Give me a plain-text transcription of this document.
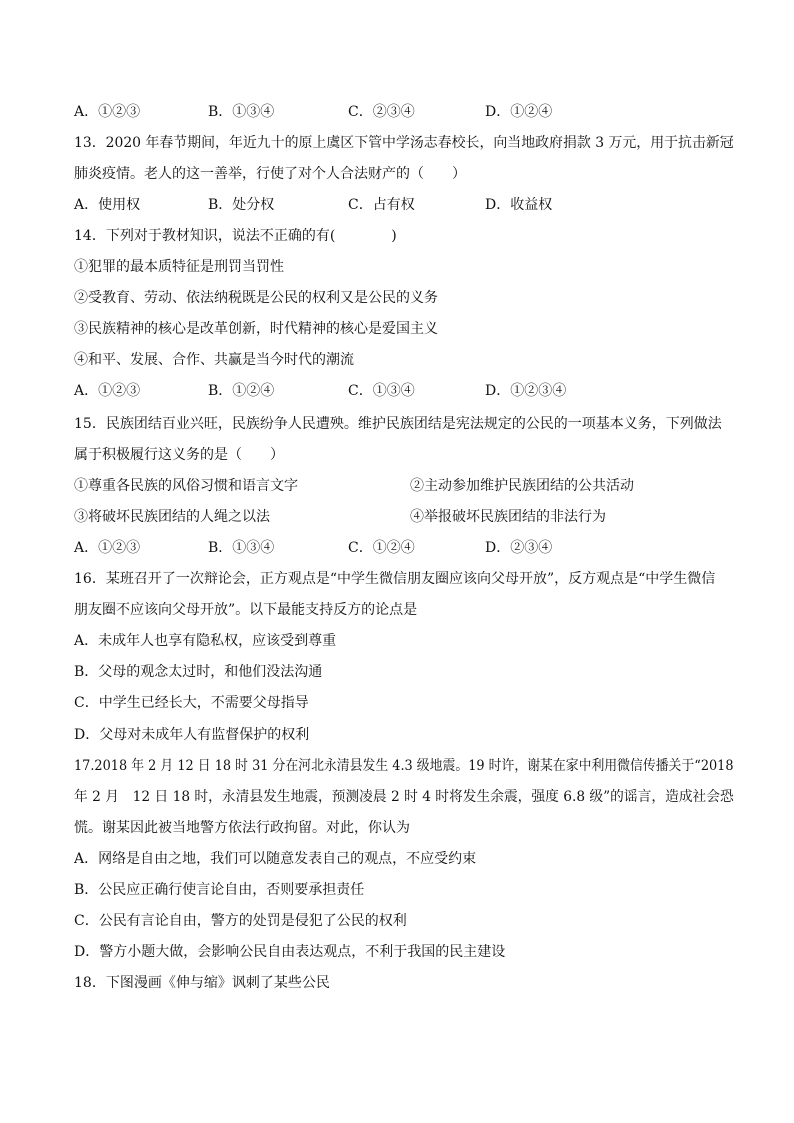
A．①②③	B．①③④	C．②③④	D．①②④
13．2020 年春节期间，年近九十的原上虞区下管中学汤志春校长，向当地政府捐款 3 万元，用于抗击新冠
肺炎疫情。老人的这一善举，行使了对个人合法财产的（　　）
A．使用权	B．处分权	C．占有权	D．收益权
14．下列对于教材知识，说法不正确的有(　　　　)
①犯罪的最本质特征是刑罚当罚性
②受教育、劳动、依法纳税既是公民的权利又是公民的义务
③民族精神的核心是改革创新，时代精神的核心是爱国主义
④和平、发展、合作、共赢是当今时代的潮流
A．①②③	B．①②④	C．①③④	D．①②③④
15．民族团结百业兴旺，民族纷争人民遭殃。维护民族团结是宪法规定的公民的一项基本义务，下列做法
属于积极履行这义务的是（　　）
①尊重各民族的风俗习惯和语言文字	②主动参加维护民族团结的公共活动
③将破坏民族团结的人绳之以法	④举报破坏民族团结的非法行为
A．①②③	B．①③④	C．①②④	D．②③④
16．某班召开了一次辩论会，正方观点是“中学生微信朋友圈应该向父母开放”，反方观点是“中学生微信
朋友圈不应该向父母开放”。以下最能支持反方的论点是
A．未成年人也享有隐私权，应该受到尊重
B．父母的观念太过时，和他们没法沟通
C．中学生已经长大，不需要父母指导
D．父母对未成年人有监督保护的权利
17.2018 年 2 月 12 日 18 时 31 分在河北永清县发生 4.3 级地震。19 时许，谢某在家中利用微信传播关于“2018
年 2 月　12 日 18 时，永清县发生地震，预测凌晨 2 时 4 时将发生余震，强度 6.8 级”的谣言，造成社会恐
慌。谢某因此被当地警方依法行政拘留。对此，你认为
A．网络是自由之地，我们可以随意发表自己的观点，不应受约束
B．公民应正确行使言论自由，否则要承担责任
C．公民有言论自由，警方的处罚是侵犯了公民的权利
D．警方小题大做，会影响公民自由表达观点，不利于我国的民主建设
18．下图漫画《伸与缩》讽刺了某些公民
